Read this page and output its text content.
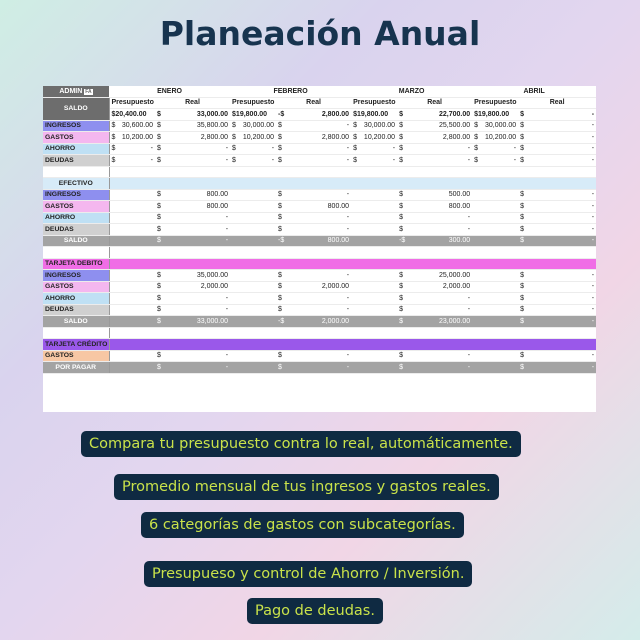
Planeación Anual
ADMIN FA	ENERO				FEBRERO				MARZO				ABRIL			
SALDO	Presupuesto		Real		Presupuesto		Real		Presupuesto		Real		Presupuesto		Real	
	$20,400.00		$	33,000.00	$19,800.00		-$	2,800.00	$19,800.00		$	22,700.00	$19,800.00		$	-
INGRESOS	$	30,600.00	$	35,800.00	$	30,000.00	$	-	$	30,000.00	$	25,500.00	$	30,000.00	$	-
GASTOS	$	10,200.00	$	2,800.00	$	10,200.00	$	2,800.00	$	10,200.00	$	2,800.00	$	10,200.00	$	-
AHORRO	$	-	$	-	$	-	$	-	$	-	$	-	$	-	$	-
DEUDAS	$	-	$	-	$	-	$	-	$	-	$	-	$	-	$	-

EFECTIVO																
INGRESOS			$	800.00			$	-			$	500.00			$	-
GASTOS			$	800.00			$	800.00			$	800.00			$	-
AHORRO			$	-			$	-			$	-			$	-
DEUDAS			$	-			$	-			$	-			$	-
SALDO			$	-			-$	800.00			-$	300.00			$	-

TARJETA DEBITO																
INGRESOS			$	35,000.00			$	-			$	25,000.00			$	-
GASTOS			$	2,000.00			$	2,000.00			$	2,000.00			$	-
AHORRO			$	-			$	-			$	-			$	-
DEUDAS			$	-			$	-			$	-			$	-
SALDO			$	33,000.00			-$	2,000.00			$	23,000.00			$	-

TARJETA CRÉDITO																
GASTOS			$	-			$	-			$	-			$	-
POR PAGAR			$	-			$	-			$	-			$	-
Compara tu presupuesto contra lo real, automáticamente.
Promedio mensual de tus ingresos y gastos reales.
6 categorías de gastos con subcategorías.
Presupueso y control de Ahorro / Inversión.
Pago de deudas.
